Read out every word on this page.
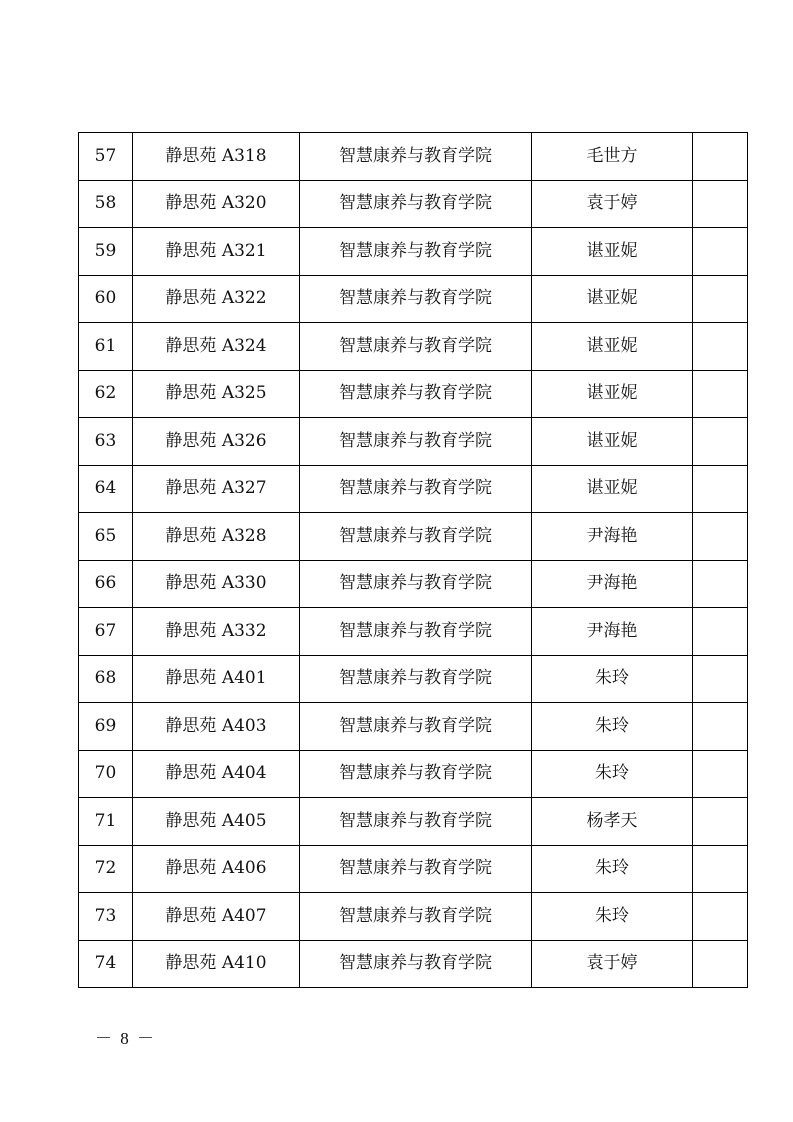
57	静思苑 A318	智慧康养与教育学院	毛世方	
58	静思苑 A320	智慧康养与教育学院	袁于婷	
59	静思苑 A321	智慧康养与教育学院	谌亚妮	
60	静思苑 A322	智慧康养与教育学院	谌亚妮	
61	静思苑 A324	智慧康养与教育学院	谌亚妮	
62	静思苑 A325	智慧康养与教育学院	谌亚妮	
63	静思苑 A326	智慧康养与教育学院	谌亚妮	
64	静思苑 A327	智慧康养与教育学院	谌亚妮	
65	静思苑 A328	智慧康养与教育学院	尹海艳	
66	静思苑 A330	智慧康养与教育学院	尹海艳	
67	静思苑 A332	智慧康养与教育学院	尹海艳	
68	静思苑 A401	智慧康养与教育学院	朱玲	
69	静思苑 A403	智慧康养与教育学院	朱玲	
70	静思苑 A404	智慧康养与教育学院	朱玲	
71	静思苑 A405	智慧康养与教育学院	杨孝天	
72	静思苑 A406	智慧康养与教育学院	朱玲	
73	静思苑 A407	智慧康养与教育学院	朱玲	
74	静思苑 A410	智慧康养与教育学院	袁于婷	
－ 8 －
